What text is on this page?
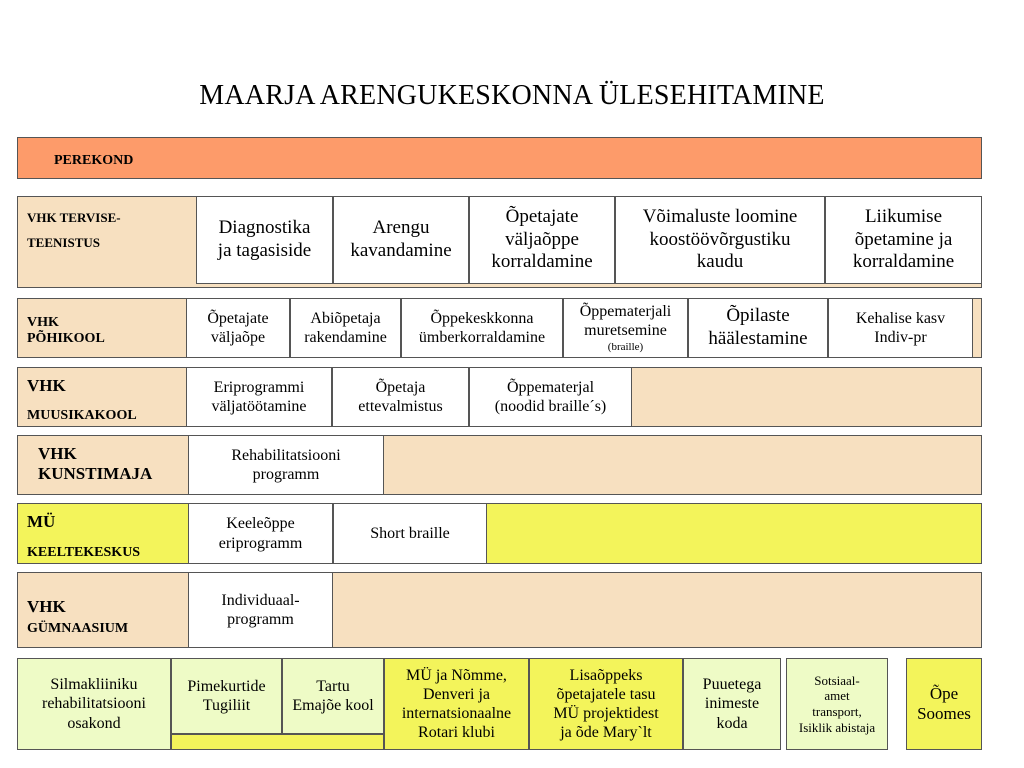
MAARJA ARENGUKESKONNA ÜLESEHITAMINE
PEREKOND
VHK TERVISE-
TEENISTUS
Diagnostika
ja tagasiside
Arengu
kavandamine
Õpetajate
väljaõppe
korraldamine
Võimaluste loomine
koostöövõrgustiku
kaudu
Liikumise
õpetamine ja
korraldamine
VHK
PÕHIKOOL
Õpetajate
väljaõpe
Abiõpetaja
rakendamine
Õppekeskkonna
ümberkorraldamine
Õppematerjali
muretsemine
(braille)
Õpilaste
häälestamine
Kehalise kasv
Indiv-pr
VHK
MUUSIKAKOOL
Eriprogrammi
väljatöötamine
Õpetaja
ettevalmistus
Õppematerjal
(noodid braille´s)
VHK
KUNSTIMAJA
Rehabilitatsiooni
programm
MÜ
KEELTEKESKUS
Keeleõppe
eriprogramm
Short braille
VHK
GÜMNAASIUM
Individuaal-
programm
Silmakliiniku
rehabilitatsiooni
osakond
Pimekurtide
Tugiliit
Tartu
Emajõe kool
MÜ ja Nõmme,
Denveri ja
internatsionaalne
Rotari klubi
Lisaõppeks
õpetajatele tasu
MÜ projektidest
ja õde Mary`lt
Puuetega
inimeste
koda
Sotsiaal-
amet
transport,
Isiklik abistaja
Õpe
Soomes
